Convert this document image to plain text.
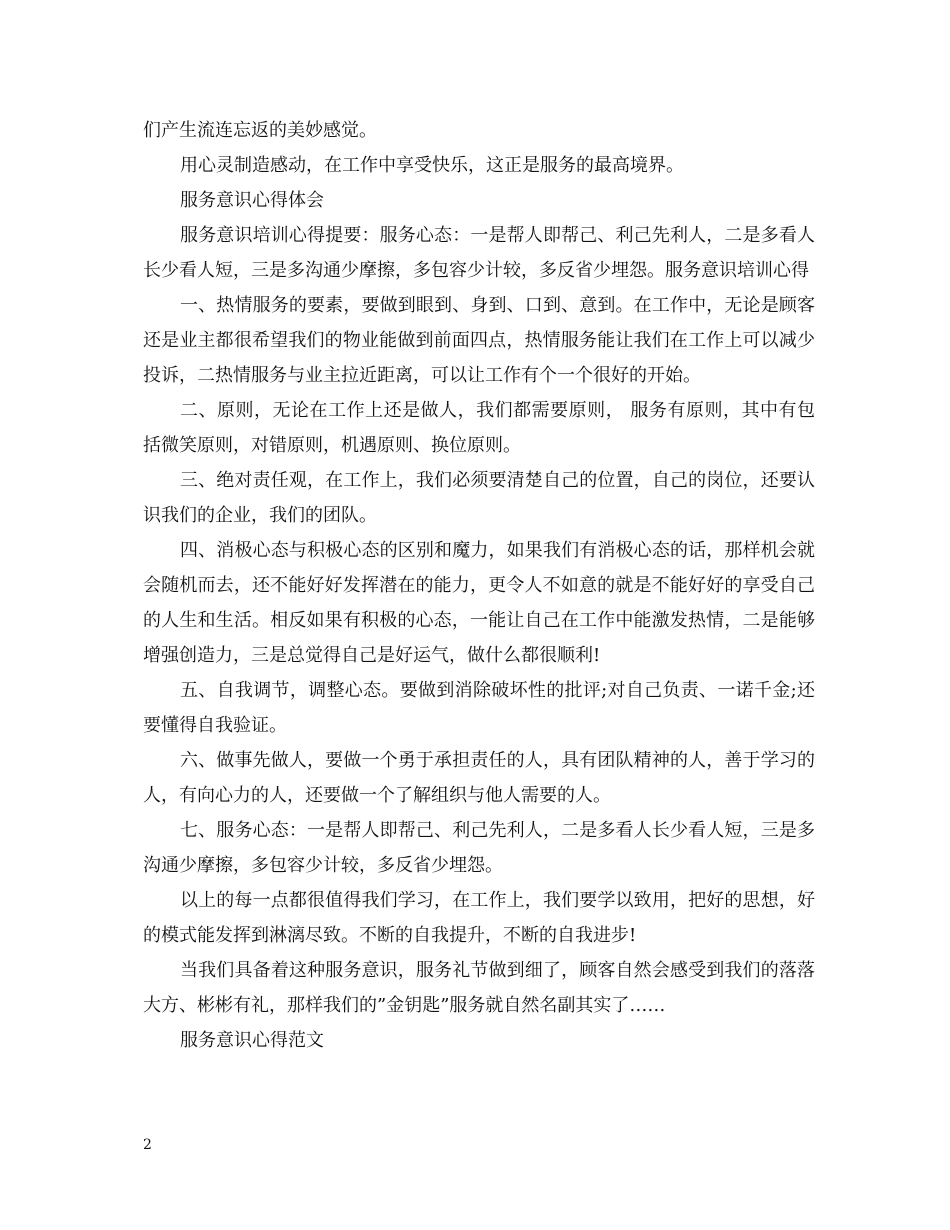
们产生流连忘返的美妙感觉。

用心灵制造感动，在工作中享受快乐，这正是服务的最高境界。

服务意识心得体会

服务意识培训心得提要：服务心态：一是帮人即帮己、利己先利人，二是多看人长少看人短，三是多沟通少摩擦，多包容少计较，多反省少埋怨。服务意识培训心得

一、热情服务的要素，要做到眼到、身到、口到、意到。在工作中，无论是顾客还是业主都很希望我们的物业能做到前面四点，热情服务能让我们在工作上可以减少投诉，二热情服务与业主拉近距离，可以让工作有个一个很好的开始。

二、原则，无论在工作上还是做人，我们都需要原则， 服务有原则，其中有包括微笑原则，对错原则，机遇原则、换位原则。

三、绝对责任观，在工作上，我们必须要清楚自己的位置，自己的岗位，还要认识我们的企业，我们的团队。

四、消极心态与积极心态的区别和魔力，如果我们有消极心态的话，那样机会就会随机而去，还不能好好发挥潜在的能力，更令人不如意的就是不能好好的享受自己的人生和生活。相反如果有积极的心态，一能让自己在工作中能激发热情，二是能够增强创造力，三是总觉得自己是好运气，做什么都很顺利!

五、自我调节，调整心态。要做到消除破坏性的批评;对自己负责、一诺千金;还要懂得自我验证。

六、做事先做人，要做一个勇于承担责任的人，具有团队精神的人，善于学习的人，有向心力的人，还要做一个了解组织与他人需要的人。

七、服务心态：一是帮人即帮己、利己先利人，二是多看人长少看人短，三是多沟通少摩擦，多包容少计较，多反省少埋怨。

以上的每一点都很值得我们学习，在工作上，我们要学以致用，把好的思想，好的模式能发挥到淋漓尽致。不断的自我提升，不断的自我进步!

当我们具备着这种服务意识，服务礼节做到细了，顾客自然会感受到我们的落落大方、彬彬有礼，那样我们的”金钥匙”服务就自然名副其实了……

服务意识心得范文

2
